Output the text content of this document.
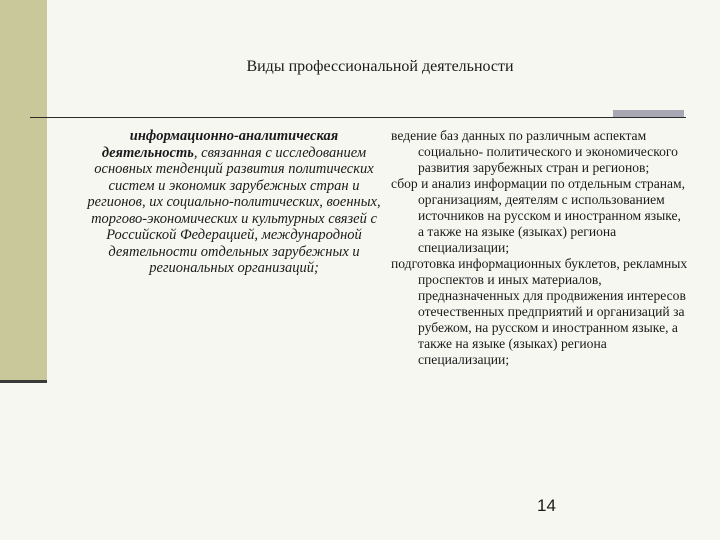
Виды профессиональной деятельности
информационно-аналитическая деятельность, связанная с исследованием основных тенденций развития политических систем и экономик зарубежных стран и регионов, их социально-политических, военных, торгово-экономических и культурных связей с Российской Федерацией, международной деятельности отдельных зарубежных и региональных организаций;

ведение баз данных по различным аспектам социально- политического и экономического развития зарубежных стран и регионов;

сбор и анализ информации по отдельным странам, организациям, деятелям с использованием источников на русском и иностранном языке, а также на языке (языках) региона специализации;

подготовка информационных буклетов, рекламных проспектов и иных материалов, предназначенных для продвижения интересов отечественных предприятий и организаций за рубежом, на русском и иностранном языке, а также на языке (языках) региона специализации;

14
